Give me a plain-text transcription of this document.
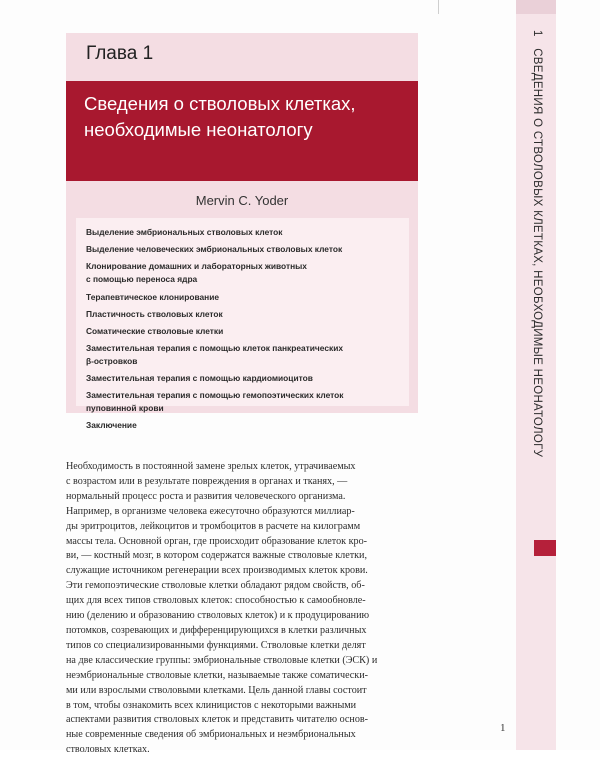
1 СВЕДЕНИЯ О СТВОЛОВЫХ КЛЕТКАХ, НЕОБХОДИМЫЕ НЕОНАТОЛОГУ
Глава 1
Сведения о стволовых клетках,
необходимые неонатологу
Mervin C. Yoder
Выделение эмбриональных стволовых клеток
Выделение человеческих эмбриональных стволовых клеток
Клонирование домашних и лабораторных животных
с помощью переноса ядра
Терапевтическое клонирование
Пластичность стволовых клеток
Соматические стволовые клетки
Заместительная терапия с помощью клеток панкреатических
β-островков
Заместительная терапия с помощью кардиомиоцитов
Заместительная терапия с помощью гемопоэтических клеток
пуповинной крови
Заключение

Необходимость в постоянной замене зрелых клеток, утрачиваемых

с возрастом или в результате повреждения в органах и тканях, —

нормальный процесс роста и развития человеческого организма.

Например, в организме человека ежесуточно образуются миллиар-

ды эритроцитов, лейкоцитов и тромбоцитов в расчете на килограмм

массы тела. Основной орган, где происходит образование клеток кро-

ви, — костный мозг, в котором содержатся важные стволовые клетки,

служащие источником регенерации всех производимых клеток крови.

Эти гемопоэтические стволовые клетки обладают рядом свойств, об-

щих для всех типов стволовых клеток: способностью к самообновле-

нию (делению и образованию стволовых клеток) и к продуцированию

потомков, созревающих и дифференцирующихся в клетки различных

типов со специализированными функциями. Стволовые клетки делят

на две классические группы: эмбриональные стволовые клетки (ЭСК) и

неэмбриональные стволовые клетки, называемые также соматически-

ми или взрослыми стволовыми клетками. Цель данной главы состоит

в том, чтобы ознакомить всех клиницистов с некоторыми важными

аспектами развития стволовых клеток и представить читателю основ-

ные современные сведения об эмбриональных и неэмбриональных

стволовых клетках.

1
